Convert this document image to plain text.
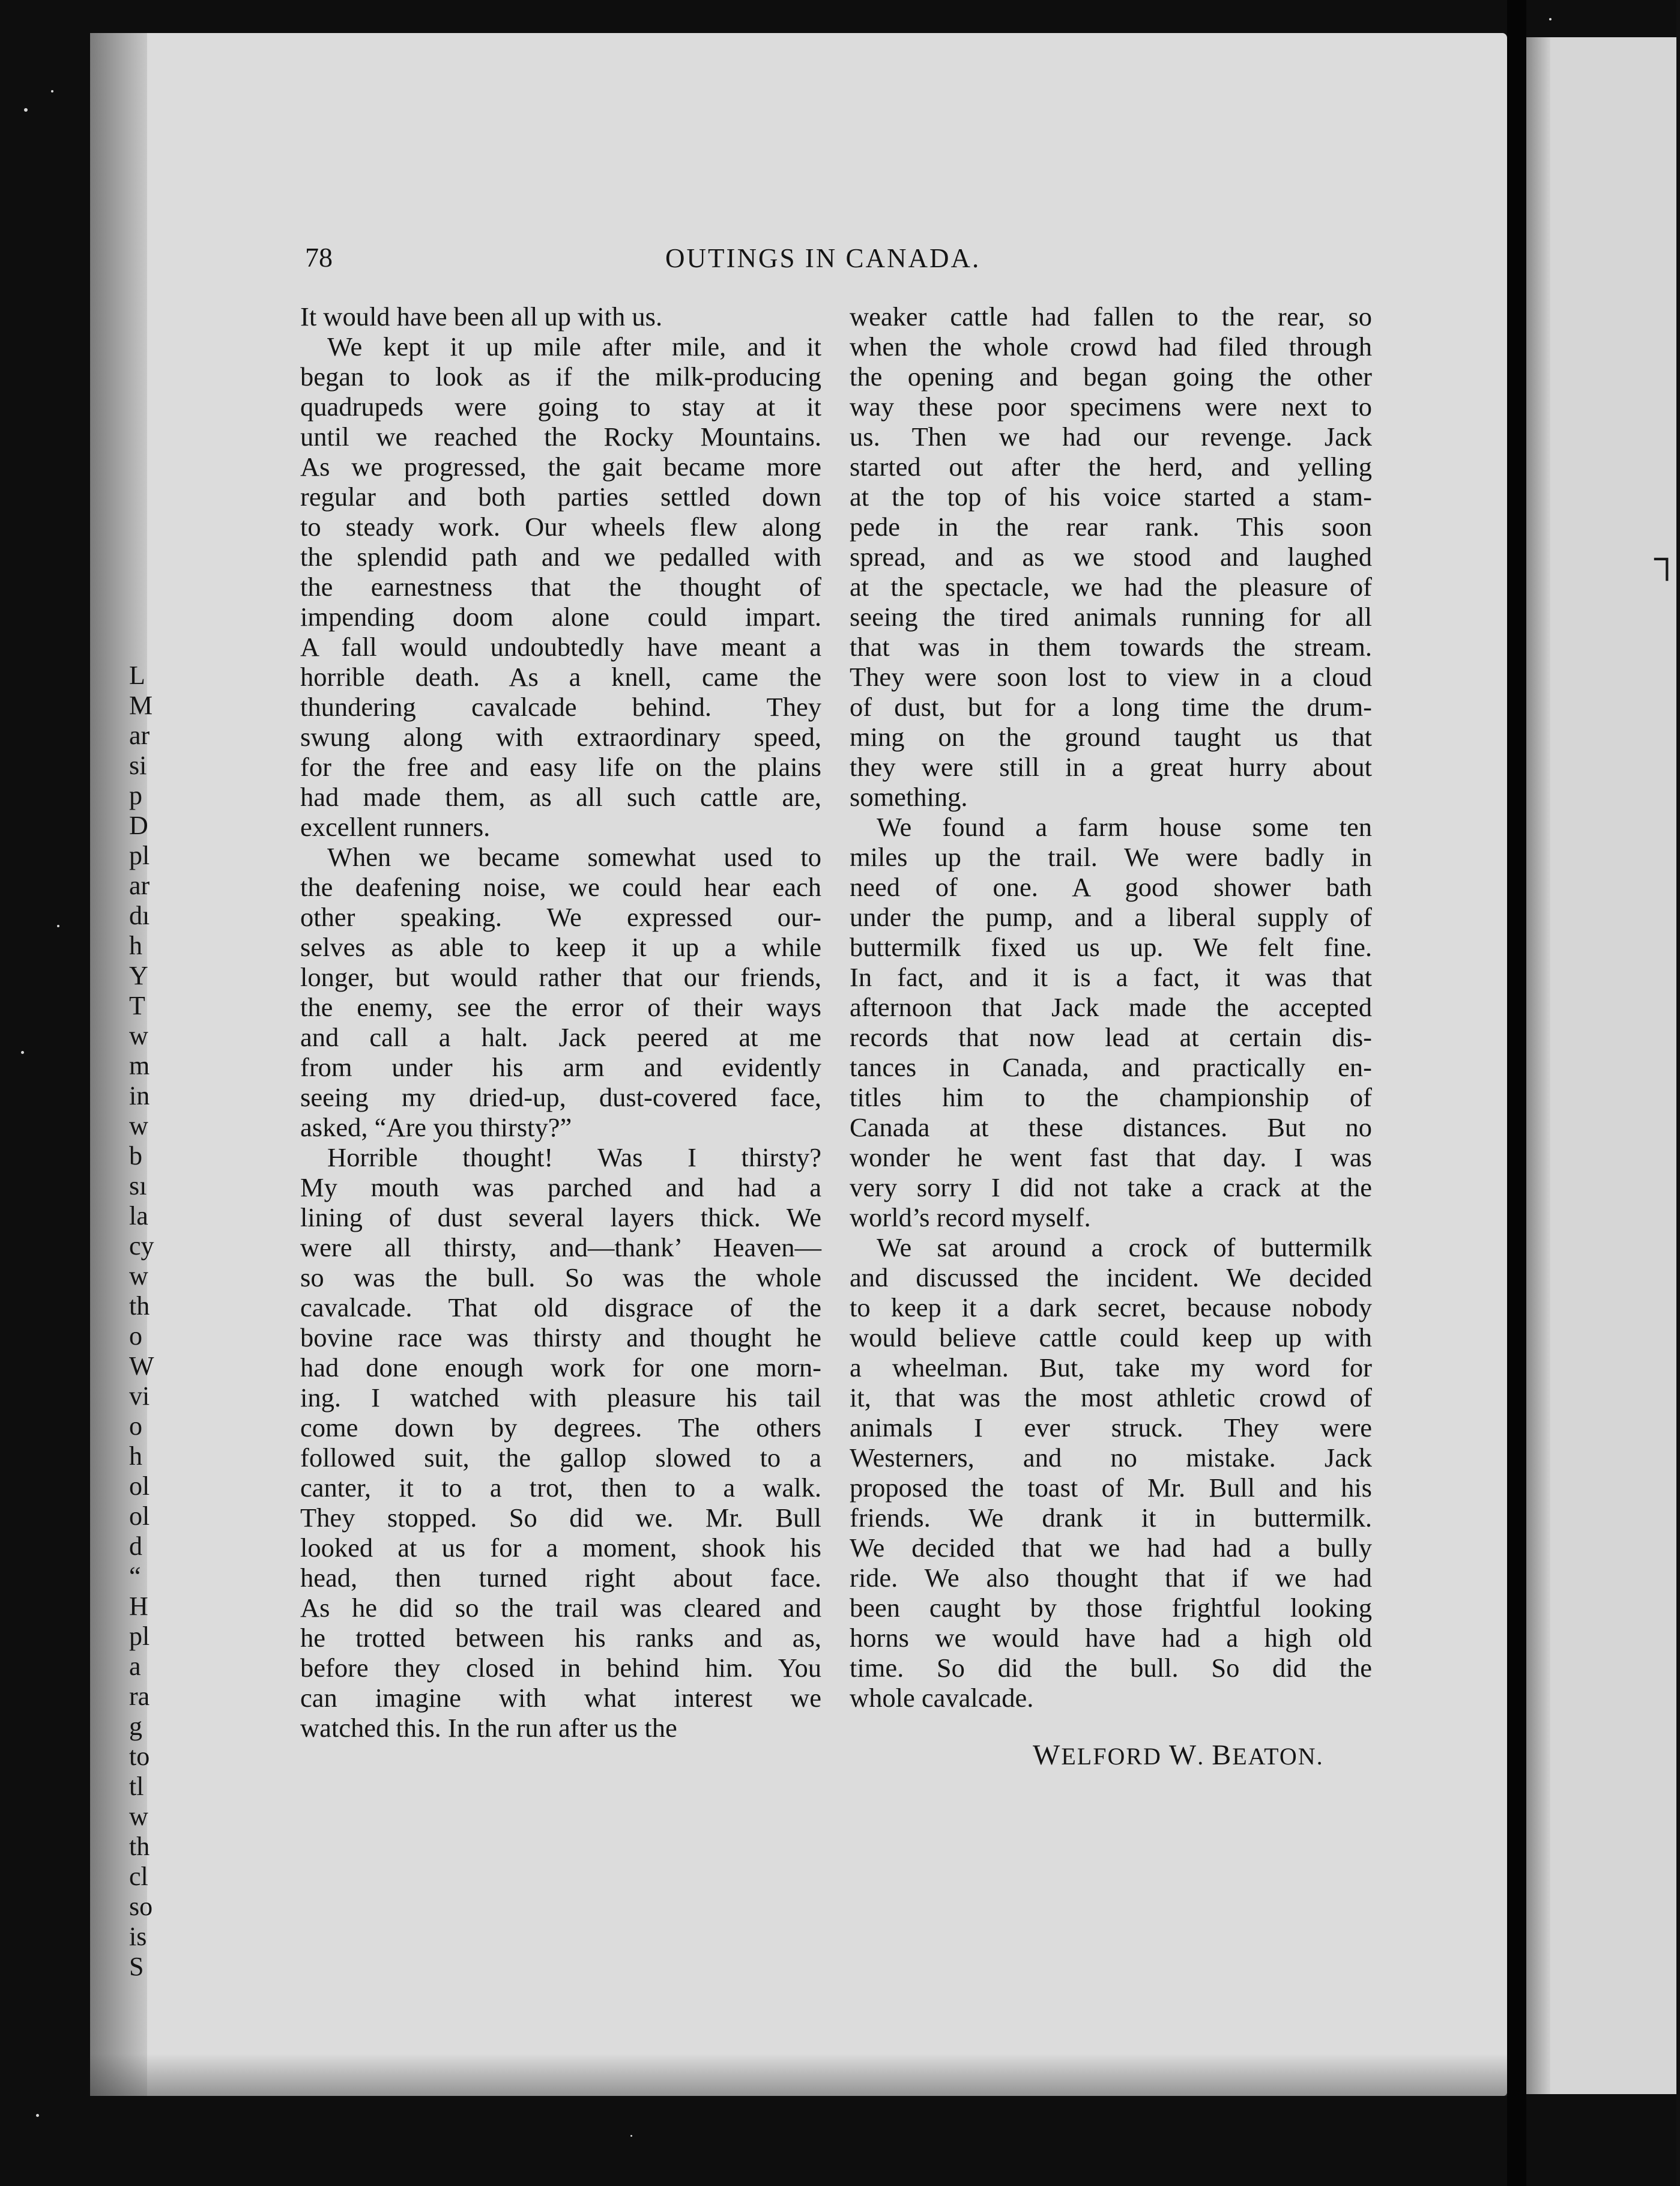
L
M
ar
si
p
D
pl
ar
dı
h
Y
T
w
m
in
w
b
sı
la
cy
w
th
o
W
vi
o
h
ol
ol
d
“
H
pl
a
ra
g
to
tl
w
th
cl
so
is
S
┐
78	OUTINGS IN CANADA.
It would have been all up with us.
We kept it up mile after mile, and it
began to look as if the milk-producing
quadrupeds were going to stay at it
until we reached the Rocky Mountains.
As we progressed, the gait became more
regular and both parties settled down
to steady work. Our wheels flew along
the splendid path and we pedalled with
the earnestness that the thought of
impending doom alone could impart.
A fall would undoubtedly have meant a
horrible death. As a knell, came the
thundering cavalcade behind. They
swung along with extraordinary speed,
for the free and easy life on the plains
had made them, as all such cattle are,
excellent runners.
When we became somewhat used to
the deafening noise, we could hear each
other speaking. We expressed our-
selves as able to keep it up a while
longer, but would rather that our friends,
the enemy, see the error of their ways
and call a halt. Jack peered at me
from under his arm and evidently
seeing my dried-up, dust-covered face,
asked, “Are you thirsty?”
Horrible thought! Was I thirsty?
My mouth was parched and had a
lining of dust several layers thick. We
were all thirsty, and—thank’ Heaven—
so was the bull. So was the whole
cavalcade. That old disgrace of the
bovine race was thirsty and thought he
had done enough work for one morn-
ing. I watched with pleasure his tail
come down by degrees. The others
followed suit, the gallop slowed to a
canter, it to a trot, then to a walk.
They stopped. So did we. Mr. Bull
looked at us for a moment, shook his
head, then turned right about face.
As he did so the trail was cleared and
he trotted between his ranks and as,
before they closed in behind him. You
can imagine with what interest we
watched this. In the run after us the
weaker cattle had fallen to the rear, so
when the whole crowd had filed through
the opening and began going the other
way these poor specimens were next to
us. Then we had our revenge. Jack
started out after the herd, and yelling
at the top of his voice started a stam-
pede in the rear rank. This soon
spread, and as we stood and laughed
at the spectacle, we had the pleasure of
seeing the tired animals running for all
that was in them towards the stream.
They were soon lost to view in a cloud
of dust, but for a long time the drum-
ming on the ground taught us that
they were still in a great hurry about
something.
We found a farm house some ten
miles up the trail. We were badly in
need of one. A good shower bath
under the pump, and a liberal supply of
buttermilk fixed us up. We felt fine.
In fact, and it is a fact, it was that
afternoon that Jack made the accepted
records that now lead at certain dis-
tances in Canada, and practically en-
titles him to the championship of
Canada at these distances. But no
wonder he went fast that day. I was
very sorry I did not take a crack at the
world’s record myself.
We sat around a crock of buttermilk
and discussed the incident. We decided
to keep it a dark secret, because nobody
would believe cattle could keep up with
a wheelman. But, take my word for
it, that was the most athletic crowd of
animals I ever struck. They were
Westerners, and no mistake. Jack
proposed the toast of Mr. Bull and his
friends. We drank it in buttermilk.
We decided that we had had a bully
ride. We also thought that if we had
been caught by those frightful looking
horns we would have had a high old
time. So did the bull. So did the
whole cavalcade.
WELFORD W. BEATON.
